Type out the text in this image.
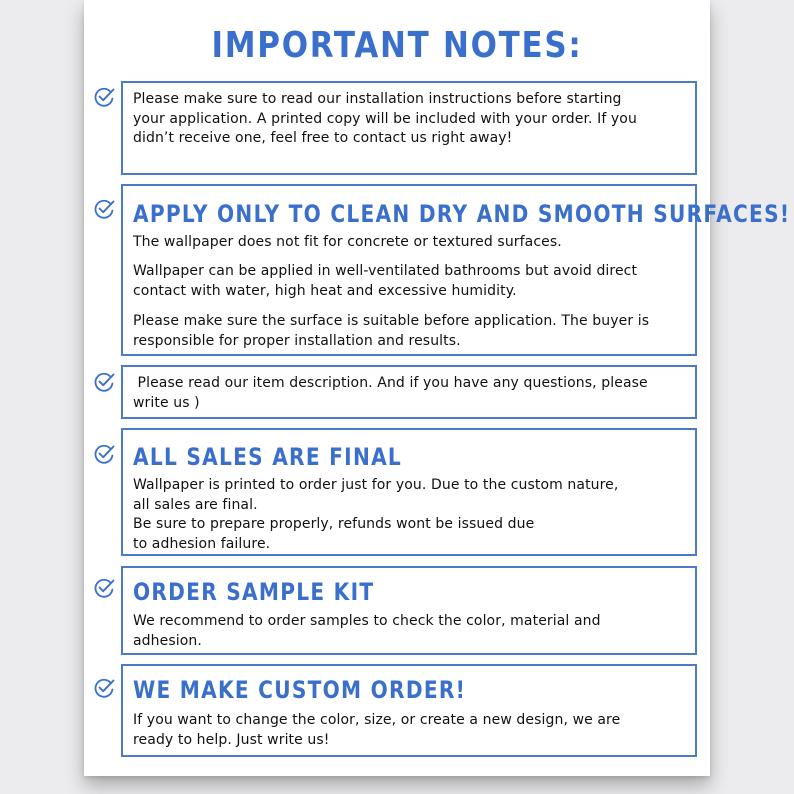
IMPORTANT NOTES:
Please make sure to read our installation instructions before starting
your application. A printed copy will be included with your order. If you
didn’t receive one, feel free to contact us right away!
APPLY ONLY TO CLEAN DRY AND SMOOTH SURFACES!
The wallpaper does not fit for concrete or textured surfaces.
Wallpaper can be applied in well-ventilated bathrooms but avoid direct
contact with water, high heat and excessive humidity.
Please make sure the surface is suitable before application. The buyer is
responsible for proper installation and results.
Please read our item description. And if you have any questions, please
write us )
ALL SALES ARE FINAL
Wallpaper is printed to order just for you. Due to the custom nature,
all sales are final.
Be sure to prepare properly, refunds wont be issued due
to adhesion failure.
ORDER SAMPLE KIT
We recommend to order samples to check the color, material and
adhesion.
WE MAKE CUSTOM ORDER!
If you want to change the color, size, or create a new design, we are
ready to help. Just write us!
